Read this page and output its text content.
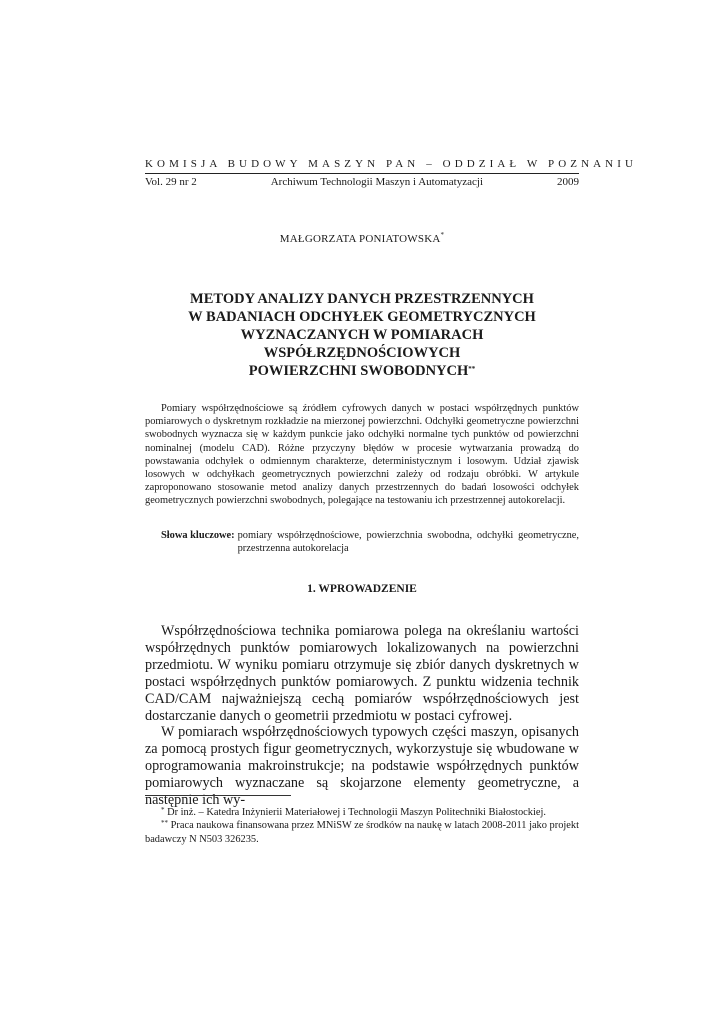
KOMISJA BUDOWY MASZYN PAN – ODDZIAŁ W POZNANIU
Vol. 29 nr 2	Archiwum Technologii Maszyn i Automatyzacji	2009
MAŁGORZATA PONIATOWSKA*
METODY ANALIZY DANYCH PRZESTRZENNYCH
W BADANIACH ODCHYŁEK GEOMETRYCZNYCH
WYZNACZANYCH W POMIARACH WSPÓŁRZĘDNOŚCIOWYCH
POWIERZCHNI SWOBODNYCH**
Pomiary współrzędnościowe są źródłem cyfrowych danych w postaci współrzędnych punktów pomiarowych o dyskretnym rozkładzie na mierzonej powierzchni. Odchyłki geometryczne powierzchni swobodnych wyznacza się w każdym punkcie jako odchyłki normalne tych punktów od powierzchni nominalnej (modelu CAD). Różne przyczyny błędów w procesie wytwarzania prowadzą do powstawania odchyłek o odmiennym charakterze, deterministycznym i losowym. Udział zjawisk losowych w odchyłkach geometrycznych powierzchni zależy od rodzaju obróbki. W artykule zaproponowano stosowanie metod analizy danych przestrzennych do badań losowości odchyłek geometrycznych powierzchni swobodnych, polegające na testowaniu ich przestrzennej autokorelacji.
Słowa kluczowe: pomiary współrzędnościowe, powierzchnia swobodna, odchyłki geometryczne, przestrzenna autokorelacja
1. WPROWADZENIE

Współrzędnościowa technika pomiarowa polega na określaniu wartości współrzędnych punktów pomiarowych lokalizowanych na powierzchni przedmiotu. W wyniku pomiaru otrzymuje się zbiór danych dyskretnych w postaci współrzędnych punktów pomiarowych. Z punktu widzenia technik CAD/CAM najważniejszą cechą pomiarów współrzędnościowych jest dostarczanie danych o geometrii przedmiotu w postaci cyfrowej.

W pomiarach współrzędnościowych typowych części maszyn, opisanych za pomocą prostych figur geometrycznych, wykorzystuje się wbudowane w oprogramowania makroinstrukcje; na podstawie współrzędnych punktów pomiarowych wyznaczane są skojarzone elementy geometryczne, a następnie ich wy-

* Dr inż. – Katedra Inżynierii Materiałowej i Technologii Maszyn Politechniki Białostockiej.

** Praca naukowa finansowana przez MNiSW ze środków na naukę w latach 2008-2011 jako projekt badawczy N N503 326235.
